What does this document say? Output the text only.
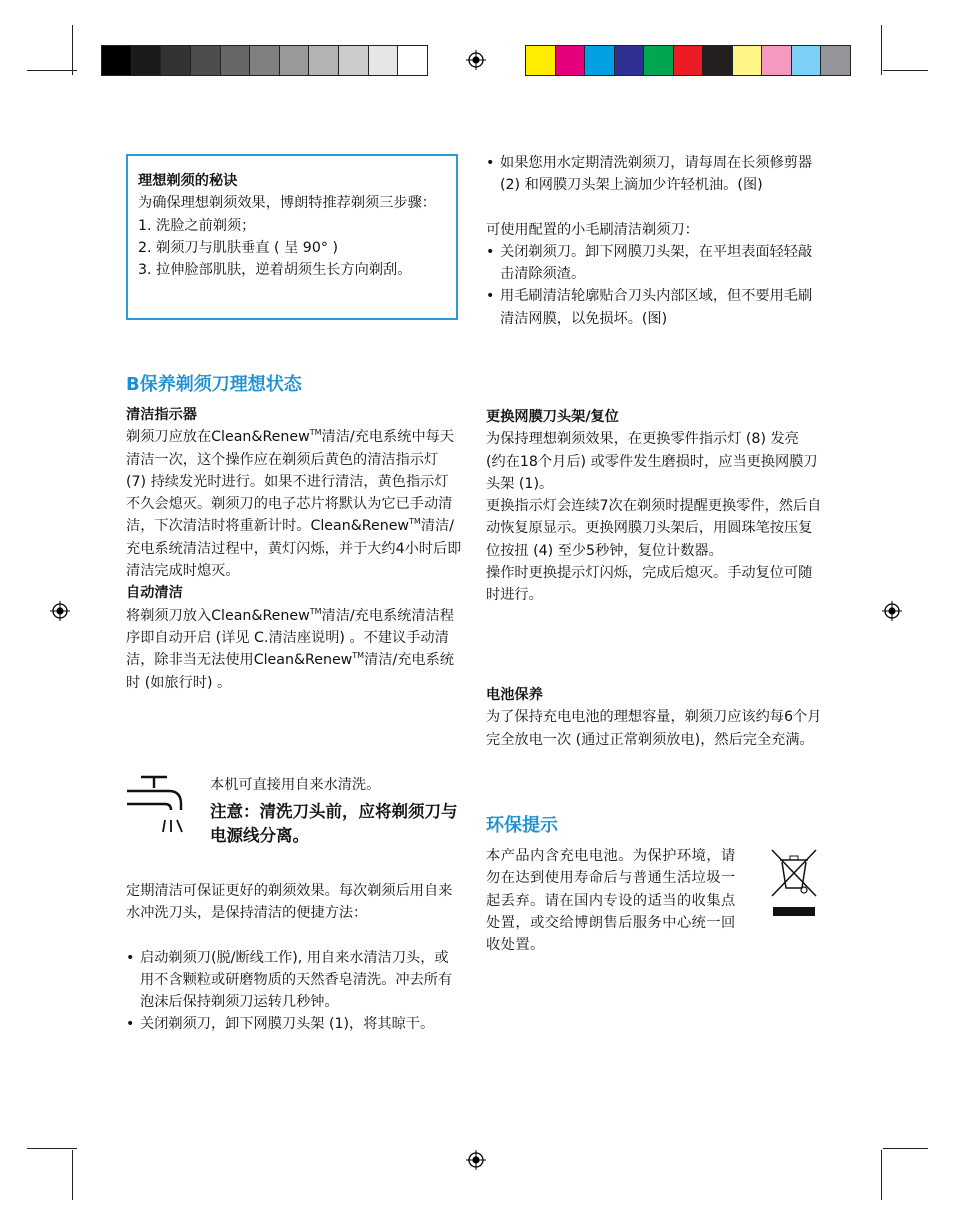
理想剃须的秘诀

为确保理想剃须效果，博朗特推荐剃须三步骤：

1. 洗脸之前剃须；

2. 剃须刀与肌肤垂直 ( 呈 90° )

3. 拉伸脸部肌肤，逆着胡须生长方向剃刮。

B保养剃须刀理想状态

清洁指示器

剃须刀应放在Clean&Renew™清洁/充电系统中每天清洁一次，这个操作应在剃须后黄色的清洁指示灯 (7) 持续发光时进行。如果不进行清洁，黄色指示灯不久会熄灭。剃须刀的电子芯片将默认为它已手动清洁，下次清洁时将重新计时。Clean&Renew™清洁/充电系统清洁过程中，黄灯闪烁，并于大约4小时后即清洁完成时熄灭。

自动清洁

将剃须刀放入Clean&Renew™清洁/充电系统清洁程序即自动开启 (详见 C.清洁座说明) 。不建议手动清洁，除非当无法使用Clean&Renew™清洁/充电系统时 (如旅行时) 。

本机可直接用自来水清洗。
注意：清洗刀头前，应将剃须刀与电源线分离。

定期清洁可保证更好的剃须效果。每次剃须后用自来水冲洗刀头，是保持清洁的便捷方法：

• 启动剃须刀(脱/断线工作), 用自来水清洁刀头，或用不含颗粒或研磨物质的天然香皂清洗。冲去所有泡沫后保持剃须刀运转几秒钟。

• 关闭剃须刀，卸下网膜刀头架 (1)，将其晾干。

• 如果您用水定期清洗剃须刀，请每周在长须修剪器 (2) 和网膜刀头架上滴加少许轻机油。(图)

可使用配置的小毛刷清洁剃须刀：

• 关闭剃须刀。卸下网膜刀头架，在平坦表面轻轻敲击清除须渣。

• 用毛刷清洁轮廓贴合刀头内部区域，但不要用毛刷清洁网膜，以免损坏。(图)

更换网膜刀头架/复位

为保持理想剃须效果，在更换零件指示灯 (8) 发亮 (约在18个月后) 或零件发生磨损时，应当更换网膜刀头架 (1)。

更换指示灯会连续7次在剃须时提醒更换零件，然后自动恢复原显示。更换网膜刀头架后，用圆珠笔按压复位按扭 (4) 至少5秒钟，复位计数器。

操作时更换提示灯闪烁，完成后熄灭。手动复位可随时进行。

电池保养

为了保持充电电池的理想容量，剃须刀应该约每6个月完全放电一次 (通过正常剃须放电)，然后完全充满。

环保提示
本产品内含充电电池。为保护环境，请勿在达到使用寿命后与普通生活垃圾一起丢弃。请在国内专设的适当的收集点处置，或交给博朗售后服务中心统一回收处置。
